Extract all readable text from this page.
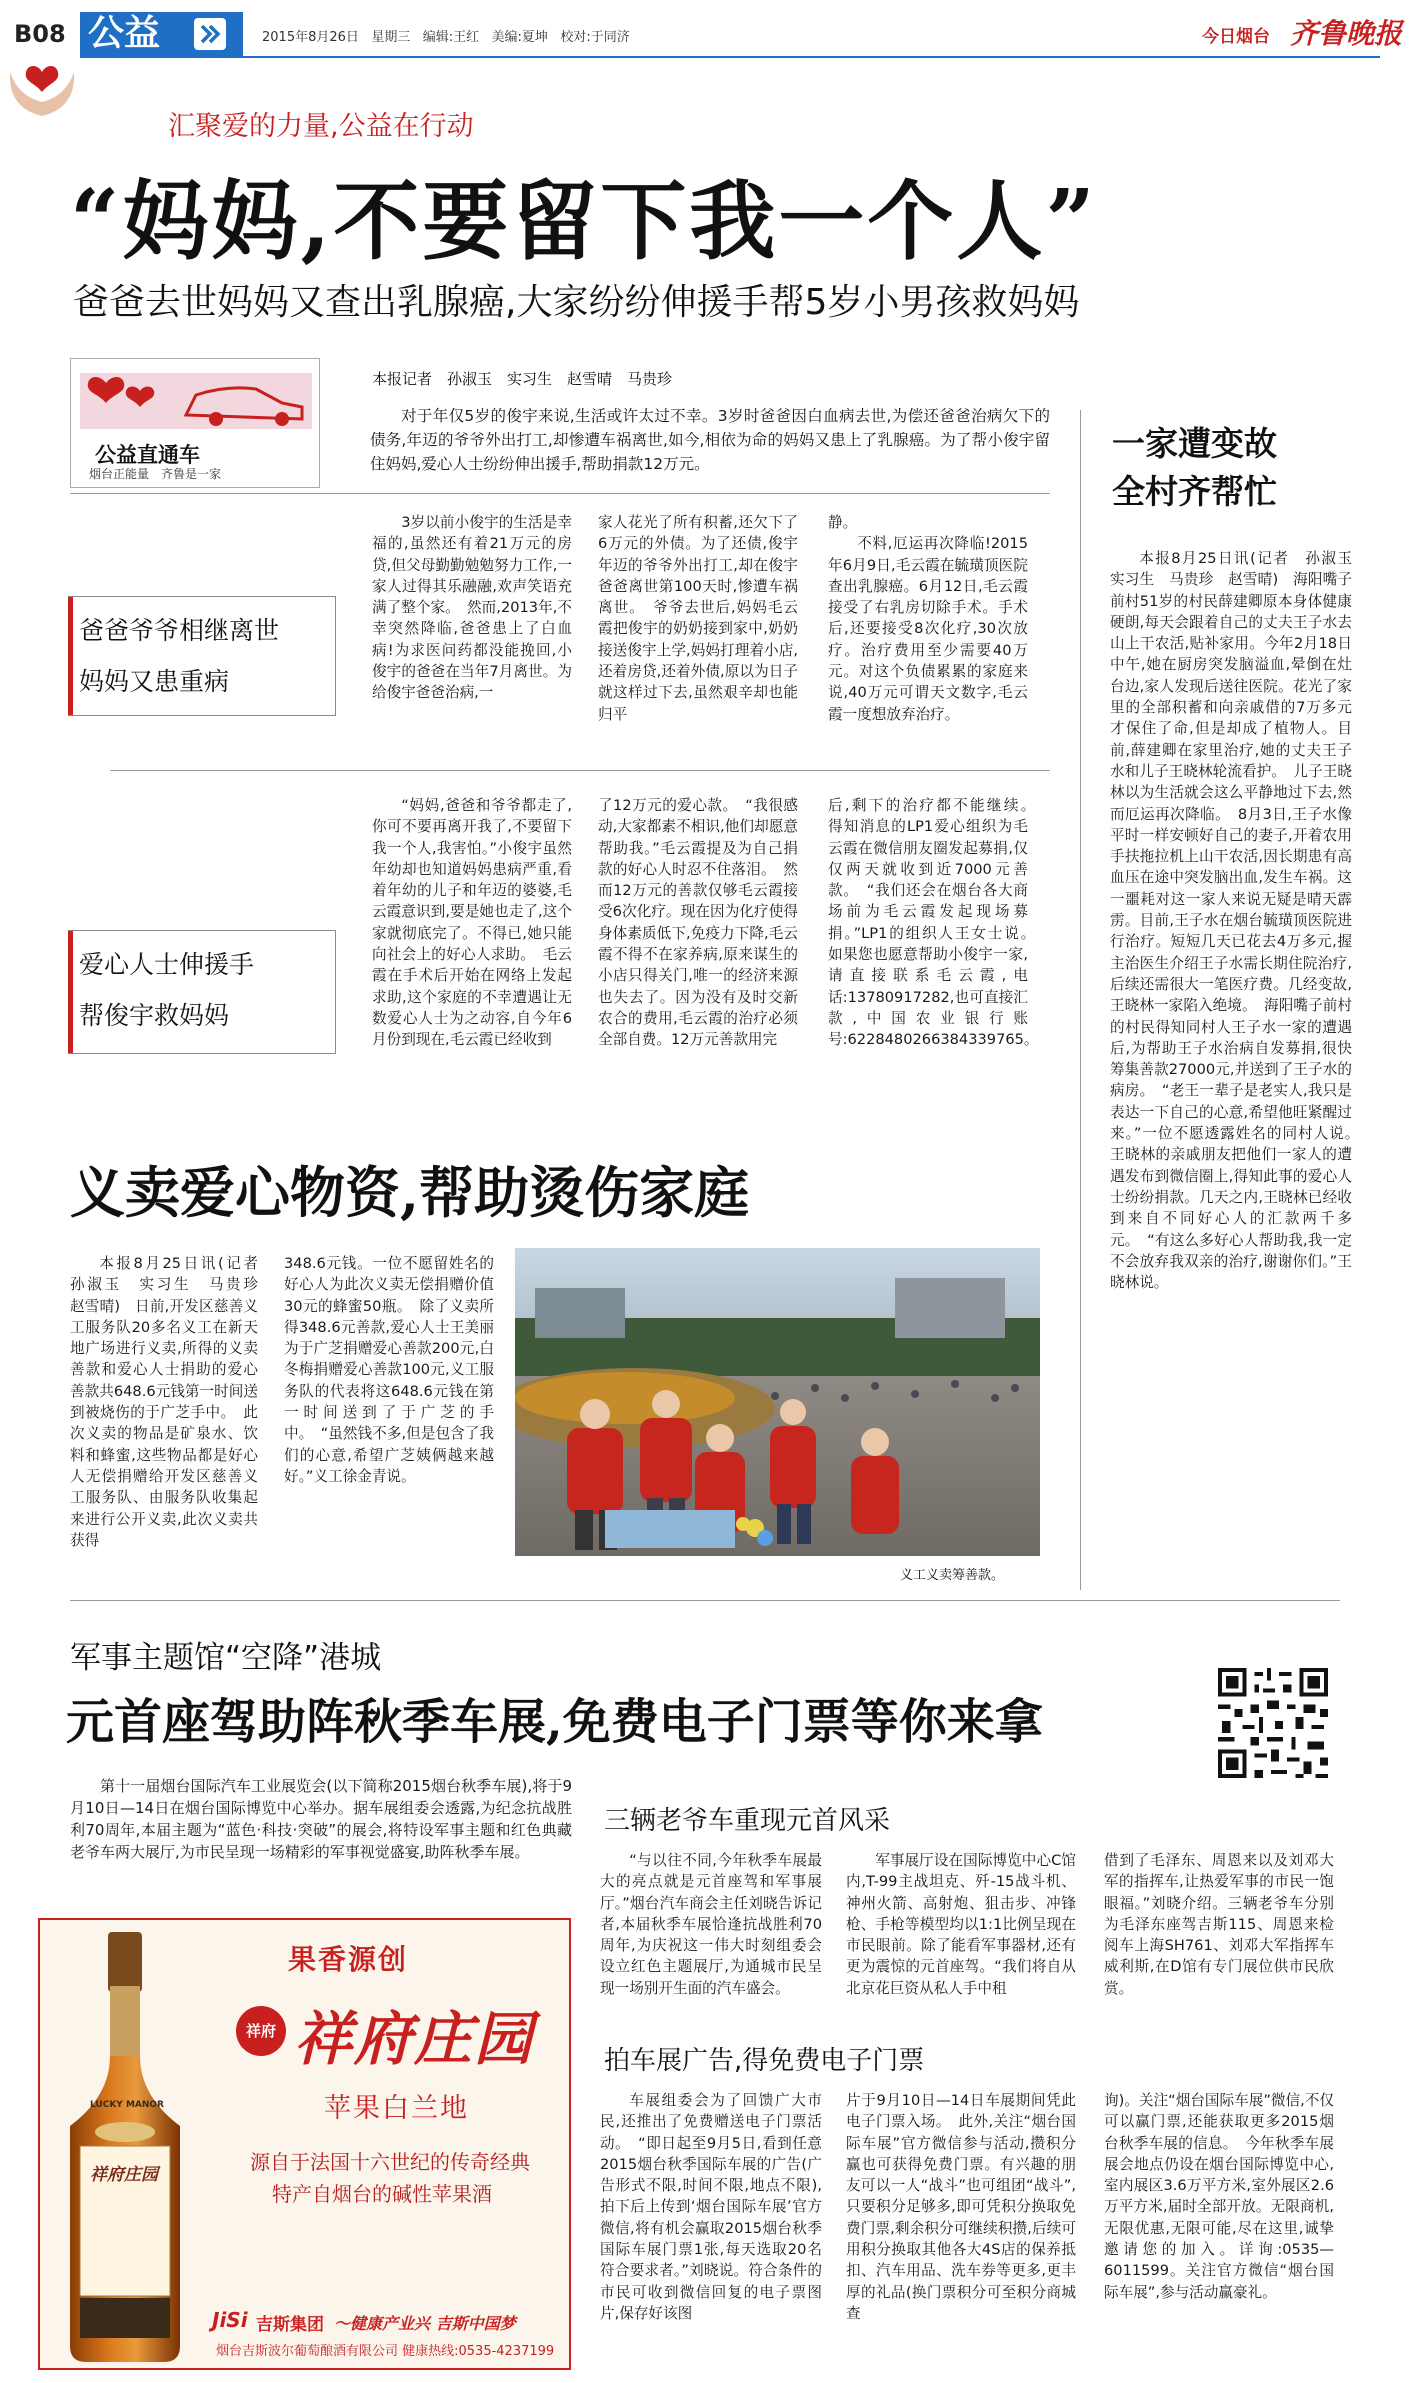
B08 公益	2015年8月26日 星期三 编辑:王红 美编:夏坤 校对:于同济	今日烟台 齐鲁晚报
汇聚爱的力量,公益在行动
“妈妈,不要留下我一个人”
爸爸去世妈妈又查出乳腺癌,大家纷纷伸援手帮5岁小男孩救妈妈
公益直通车
烟台正能量　齐鲁是一家
本报记者　孙淑玉　实习生　赵雪晴　马贵珍

对于年仅5岁的俊宇来说,生活或许太过不幸。3岁时爸爸因白血病去世,为偿还爸爸治病欠下的债务,年迈的爷爷外出打工,却惨遭车祸离世,如今,相依为命的妈妈又患上了乳腺癌。为了帮小俊宇留住妈妈,爱心人士纷纷伸出援手,帮助捐款12万元。

爸爸爷爷相继离世
妈妈又患重病

3岁以前小俊宇的生活是幸福的,虽然还有着21万元的房贷,但父母勤勤勉勉努力工作,一家人过得其乐融融,欢声笑语充满了整个家。　然而,2013年,不幸突然降临,爸爸患上了白血病!为求医问药都没能挽回,小俊宇的爸爸在当年7月离世。为给俊宇爸爸治病,一

家人花光了所有积蓄,还欠下了6万元的外债。为了还债,俊宇年迈的爷爷外出打工,却在俊宇爸爸离世第100天时,惨遭车祸离世。　爷爷去世后,妈妈毛云霞把俊宇的奶奶接到家中,奶奶接送俊宇上学,妈妈打理着小店,还着房贷,还着外债,原以为日子就这样过下去,虽然艰辛却也能归平

静。

不料,厄运再次降临!2015年6月9日,毛云霞在毓璜顶医院查出乳腺癌。6月12日,毛云霞接受了右乳房切除手术。手术后,还要接受8次化疗,30次放疗。治疗费用至少需要40万元。对这个负债累累的家庭来说,40万元可谓天文数字,毛云霞一度想放弃治疗。

爱心人士伸援手
帮俊宇救妈妈

“妈妈,爸爸和爷爷都走了,你可不要再离开我了,不要留下我一个人,我害怕。”小俊宇虽然年幼却也知道妈妈患病严重,看着年幼的儿子和年迈的婆婆,毛云霞意识到,要是她也走了,这个家就彻底完了。不得已,她只能向社会上的好心人求助。　毛云霞在手术后开始在网络上发起求助,这个家庭的不幸遭遇让无数爱心人士为之动容,自今年6月份到现在,毛云霞已经收到

了12万元的爱心款。　“我很感动,大家都素不相识,他们却愿意帮助我。”毛云霞提及为自己捐款的好心人时忍不住落泪。　然而12万元的善款仅够毛云霞接受6次化疗。现在因为化疗使得身体素质低下,免疫力下降,毛云霞不得不在家养病,原来谋生的小店只得关门,唯一的经济来源也失去了。因为没有及时交新农合的费用,毛云霞的治疗必须全部自费。12万元善款用完

后,剩下的治疗都不能继续。　得知消息的LP1爱心组织为毛云霞在微信朋友圈发起募捐,仅仅两天就收到近7000元善款。　“我们还会在烟台各大商场前为毛云霞发起现场募捐。”LP1的组织人王女士说。　如果您也愿意帮助小俊宇一家,请直接联系毛云霞,电话:13780917282,也可直接汇款,中国农业银行账号:6228480266384339765。

一家遭变故
全村齐帮忙

本报8月25日讯(记者　孙淑玉　实习生　马贵珍　赵雪晴)　海阳嘴子前村51岁的村民薛建卿原本身体健康硬朗,每天会跟着自己的丈夫王子水去山上干农活,贴补家用。今年2月18日中午,她在厨房突发脑溢血,晕倒在灶台边,家人发现后送往医院。花光了家里的全部积蓄和向亲戚借的7万多元才保住了命,但是却成了植物人。目前,薛建卿在家里治疗,她的丈夫王子水和儿子王晓林轮流看护。　儿子王晓林以为生活就会这么平静地过下去,然而厄运再次降临。　8月3日,王子水像平时一样安顿好自己的妻子,开着农用手扶拖拉机上山干农活,因长期患有高血压在途中突发脑出血,发生车祸。这一噩耗对这一家人来说无疑是晴天霹雳。目前,王子水在烟台毓璜顶医院进行治疗。短短几天已花去4万多元,握主治医生介绍王子水需长期住院治疗,后续还需很大一笔医疗费。几经变故,王晓林一家陷入绝境。　海阳嘴子前村的村民得知同村人王子水一家的遭遇后,为帮助王子水治病自发募捐,很快筹集善款27000元,并送到了王子水的病房。　“老王一辈子是老实人,我只是表达一下自己的心意,希望他旺紧醒过来。”一位不愿透露姓名的同村人说。　王晓林的亲戚朋友把他们一家人的遭遇发布到微信圈上,得知此事的爱心人士纷纷捐款。几天之内,王晓林已经收到来自不同好心人的汇款两千多元。　“有这么多好心人帮助我,我一定不会放弃我双亲的治疗,谢谢你们。”王晓林说。

义卖爱心物资,帮助烫伤家庭

本报8月25日讯(记者　孙淑玉　实习生　马贵珍　赵雪晴)　日前,开发区慈善义工服务队20多名义工在新天地广场进行义卖,所得的义卖善款和爱心人士捐助的爱心善款共648.6元钱第一时间送到被烧伤的于广芝手中。　此次义卖的物品是矿泉水、饮料和蜂蜜,这些物品都是好心人无偿捐赠给开发区慈善义工服务队、由服务队收集起来进行公开义卖,此次义卖共获得

348.6元钱。一位不愿留姓名的好心人为此次义卖无偿捐赠价值30元的蜂蜜50瓶。　除了义卖所得348.6元善款,爱心人士王美丽为于广芝捐赠爱心善款200元,白冬梅捐赠爱心善款100元,义工服务队的代表将这648.6元钱在第一时间送到了于广芝的手中。　“虽然钱不多,但是包含了我们的心意,希望广芝姨俩越来越好。”义工徐金青说。

义工义卖筹善款。
军事主题馆“空降”港城
元首座驾助阵秋季车展,免费电子门票等你来拿

第十一届烟台国际汽车工业展览会(以下简称2015烟台秋季车展),将于9月10日—14日在烟台国际博览中心举办。据车展组委会透露,为纪念抗战胜利70周年,本届主题为“蓝色·科技·突破”的展会,将特设军事主题和红色典藏老爷车两大展厅,为市民呈现一场精彩的军事视觉盛宴,助阵秋季车展。

三辆老爷车重现元首风采

“与以往不同,今年秋季车展最大的亮点就是元首座驾和军事展厅。”烟台汽车商会主任刘晓告诉记者,本届秋季车展恰逢抗战胜利70周年,为庆祝这一伟大时刻组委会设立红色主题展厅,为通城市民呈现一场别开生面的汽车盛会。

军事展厅设在国际博览中心C馆内,T-99主战坦克、歼-15战斗机、神州火箭、高射炮、狙击步、冲锋枪、手枪等模型均以1:1比例呈现在市民眼前。除了能看军事器材,还有更为震惊的元首座驾。“我们将自从北京花巨资从私人手中租

借到了毛泽东、周恩来以及刘邓大军的指挥车,让热爱军事的市民一饱眼福。”刘晓介绍。三辆老爷车分别为毛泽东座驾吉斯115、周恩来检阅车上海SH761、刘邓大军指挥车威利斯,在D馆有专门展位供市民欣赏。

拍车展广告,得免费电子门票

车展组委会为了回馈广大市民,还推出了免费赠送电子门票活动。　“即日起至9月5日,看到任意2015烟台秋季国际车展的广告(广告形式不限,时间不限,地点不限),拍下后上传到‘烟台国际车展’官方微信,将有机会赢取2015烟台秋季国际车展门票1张,每天选取20名符合要求者。”刘晓说。符合条件的市民可收到微信回复的电子票图片,保存好该图

片于9月10日—14日车展期间凭此电子门票入场。　此外,关注“烟台国际车展”官方微信参与活动,攒积分赢也可获得免费门票。有兴趣的朋友可以一人“战斗”也可组团“战斗”,只要积分足够多,即可凭积分换取免费门票,剩余积分可继续积攒,后续可用积分换取其他各大4S店的保养抵扣、汽车用品、洗车券等更多,更丰厚的礼品(换门票积分可至积分商城查

询)。关注“烟台国际车展”微信,不仅可以赢门票,还能获取更多2015烟台秋季车展的信息。　今年秋季车展展会地点仍设在烟台国际博览中心,室内展区3.6万平方米,室外展区2.6万平方米,届时全部开放。无限商机,无限优惠,无限可能,尽在这里,诚挚邀请您的加入。详询:0535—6011599。关注官方微信“烟台国际车展”,参与活动赢豪礼。

LUCKY MANOR
祥府庄园
果香源创
祥府 祥府庄园
苹果白兰地
源自于法国十六世纪的传奇经典
特产自烟台的碱性苹果酒
JiSi 吉斯集团 ～健康产业兴 吉斯中国梦
烟台吉斯波尔葡萄酿酒有限公司 健康热线:0535-4237199
